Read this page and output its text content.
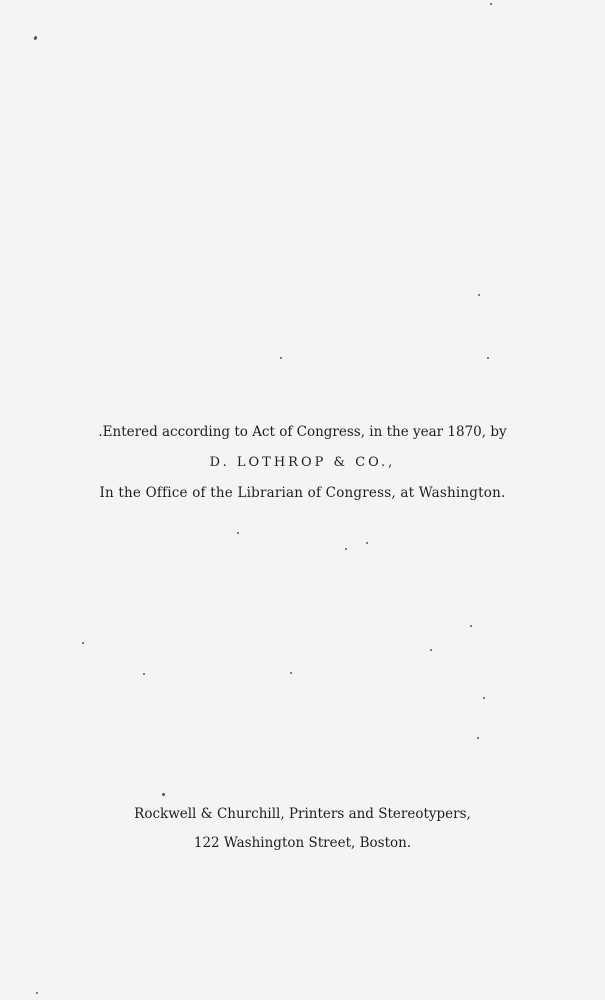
.Entered according to Act of Congress, in the year 1870, by
D. LOTHROP & CO.,
In the Office of the Librarian of Congress, at Washington.
Rockwell & Churchill, Printers and Stereotypers,
122 Washington Street, Boston.
